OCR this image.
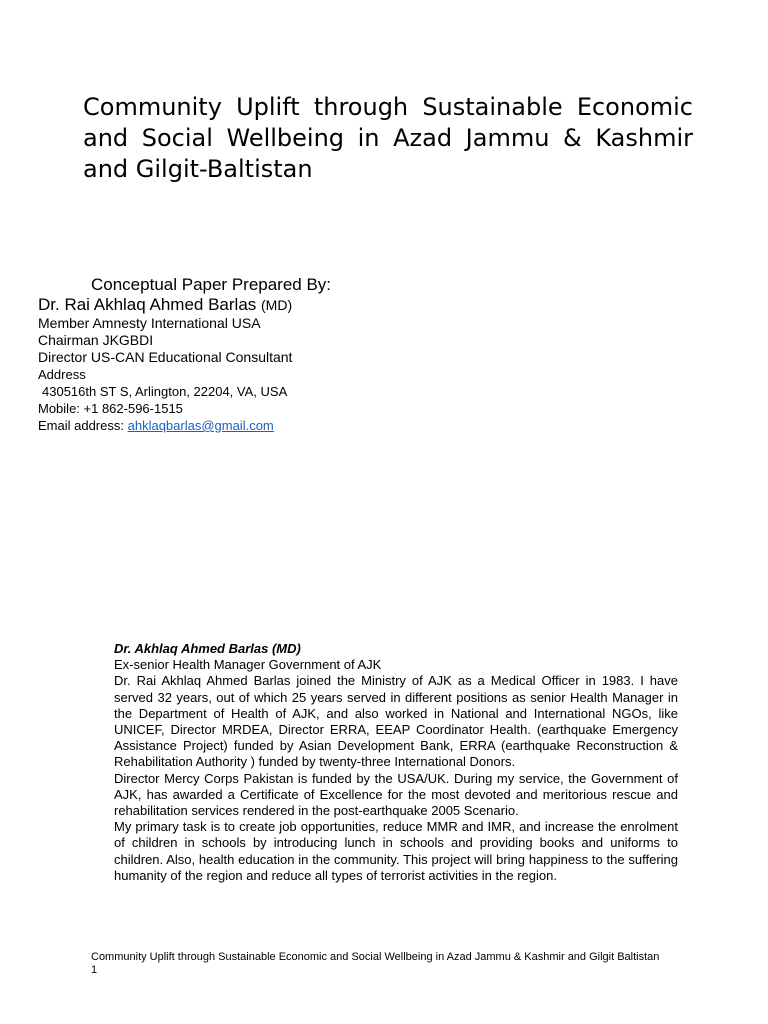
Community Uplift through Sustainable Economic and Social Wellbeing in Azad Jammu & Kashmir and Gilgit-Baltistan
Conceptual Paper Prepared By:
Dr. Rai Akhlaq Ahmed Barlas (MD)
Member Amnesty International USA
Chairman JKGBDI
Director US-CAN Educational Consultant
Address
430516th ST S, Arlington, 22204, VA, USA
Mobile: +1 862-596-1515
Email address: ahklaqbarlas@gmail.com
Dr. Akhlaq Ahmed Barlas (MD)

Ex-senior Health Manager Government of AJK

Dr. Rai Akhlaq Ahmed Barlas joined the Ministry of AJK as a Medical Officer in 1983. I have served 32 years, out of which 25 years served in different positions as senior Health Manager in the Department of Health of AJK, and also worked in National and International NGOs, like UNICEF, Director MRDEA, Director ERRA, EEAP Coordinator Health. (earthquake Emergency Assistance Project) funded by Asian Development Bank, ERRA (earthquake Reconstruction & Rehabilitation Authority ) funded by twenty-three International Donors.

Director Mercy Corps Pakistan is funded by the USA/UK. During my service, the Government of AJK, has awarded a Certificate of Excellence for the most devoted and meritorious rescue and rehabilitation services rendered in the post-earthquake 2005 Scenario.

My primary task is to create job opportunities, reduce MMR and IMR, and increase the enrolment of children in schools by introducing lunch in schools and providing books and uniforms to children. Also, health education in the community. This project will bring happiness to the suffering humanity of the region and reduce all types of terrorist activities in the region.

Community Uplift through Sustainable Economic and Social Wellbeing in Azad Jammu & Kashmir and Gilgit Baltistan
1
